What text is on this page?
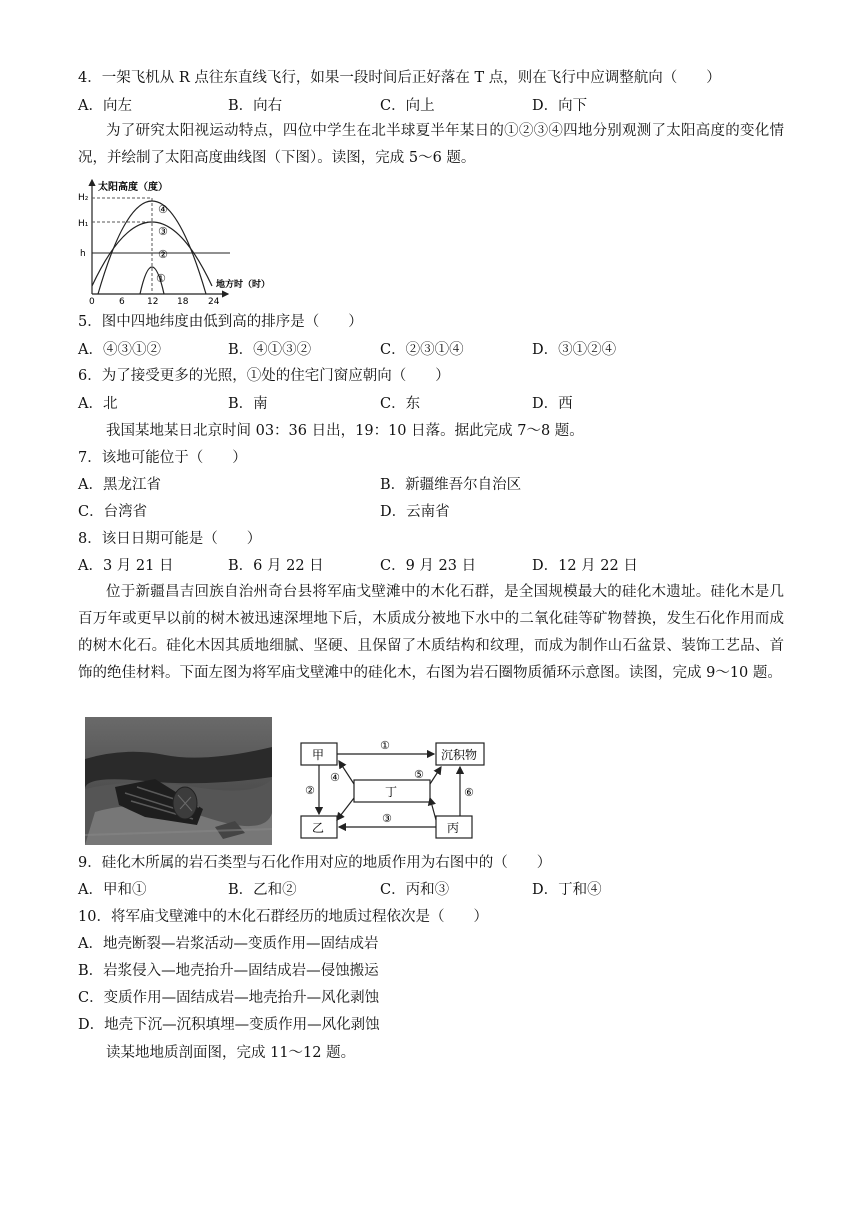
4．一架飞机从 R 点往东直线飞行，如果一段时间后正好落在 T 点，则在飞行中应调整航向（　　）
A．向左	B．向右	C．向上	D．向下
为了研究太阳视运动特点，四位中学生在北半球夏半年某日的①②③④四地分别观测了太阳高度的变化情况，并绘制了太阳高度曲线图（下图）。读图，完成 5～6 题。
太阳高度（度）
H₂
H₁
h
④
③
②
①
0	6 12 18 24
地方时（时）
5．图中四地纬度由低到高的排序是（　　）
A．④③①②	B．④①③②	C．②③①④	D．③①②④
6．为了接受更多的光照，①处的住宅门窗应朝向（　　）
A．北	B．南	C．东	D．西
我国某地某日北京时间 03：36 日出，19：10 日落。据此完成 7～8 题。
7．该地可能位于（　　）
A．黑龙江省	B．新疆维吾尔自治区
C．台湾省	D．云南省
8．该日日期可能是（　　）
A．3 月 21 日	B．6 月 22 日	C．9 月 23 日	D．12 月 22 日
位于新疆昌吉回族自治州奇台县将军庙戈壁滩中的木化石群，是全国规模最大的硅化木遗址。硅化木是几百万年或更早以前的树木被迅速深埋地下后，木质成分被地下水中的二氧化硅等矿物替换，发生石化作用而成的树木化石。硅化木因其质地细腻、坚硬、且保留了木质结构和纹理，而成为制作山石盆景、装饰工艺品、首饰的绝佳材料。下面左图为将军庙戈壁滩中的硅化木，右图为岩石圈物质循环示意图。读图，完成 9～10 题。
甲	沉积物
丁
乙	丙
①
②
③
④	⑤
⑥
9．硅化木所属的岩石类型与石化作用对应的地质作用为右图中的（　　）
A．甲和①	B．乙和②	C．丙和③	D．丁和④
10．将军庙戈壁滩中的木化石群经历的地质过程依次是（　　）
A．地壳断裂—岩浆活动—变质作用—固结成岩
B．岩浆侵入—地壳抬升—固结成岩—侵蚀搬运
C．变质作用—固结成岩—地壳抬升—风化剥蚀
D．地壳下沉—沉积填埋—变质作用—风化剥蚀
读某地地质剖面图，完成 11～12 题。
